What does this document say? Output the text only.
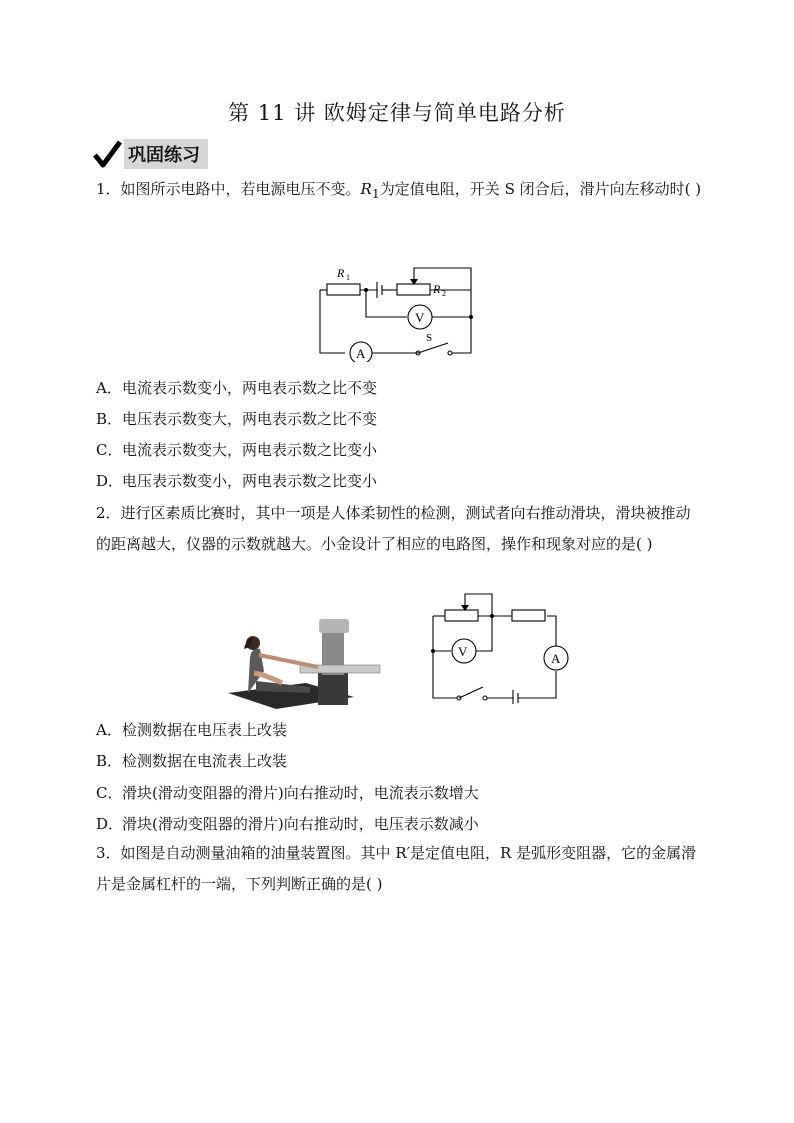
第 11 讲 欧姆定律与简单电路分析
巩固练习
1．如图所示电路中，若电源电压不变。$R_1$为定值电阻，开关 S 闭合后，滑片向左移动时( )
R 1
R 2
V
A
S
A．电流表示数变小，两电表示数之比不变
B．电压表示数变大，两电表示数之比不变
C．电流表示数变大，两电表示数之比变小
D．电压表示数变小，两电表示数之比变小
2．进行区素质比赛时，其中一项是人体柔韧性的检测，测试者向右推动滑块，滑块被推动的距离越大，仪器的示数就越大。小金设计了相应的电路图，操作和现象对应的是( )
V	A
A．检测数据在电压表上改装
B．检测数据在电流表上改装
C．滑块(滑动变阻器的滑片)向右推动时，电流表示数增大
D．滑块(滑动变阻器的滑片)向右推动时，电压表示数减小
3．如图是自动测量油箱的油量装置图。其中 R′是定值电阻，R 是弧形变阻器，它的金属滑片是金属杠杆的一端，下列判断正确的是( )
